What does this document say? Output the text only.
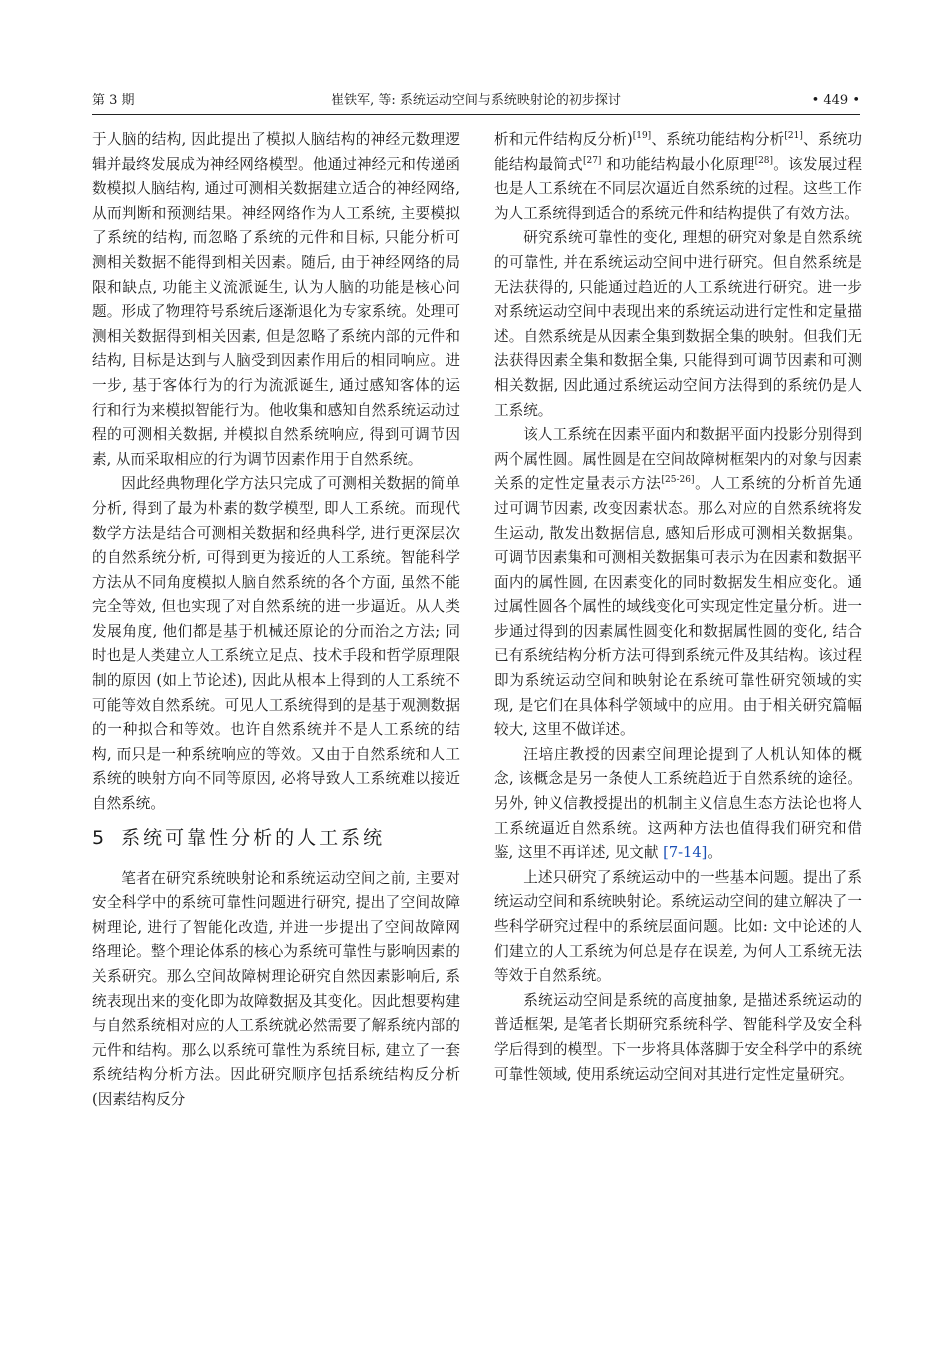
第 3 期	崔铁军, 等: 系统运动空间与系统映射论的初步探讨	• 449 •

于人脑的结构, 因此提出了模拟人脑结构的神经元数理逻辑并最终发展成为神经网络模型。他通过神经元和传递函数模拟人脑结构, 通过可测相关数据建立适合的神经网络, 从而判断和预测结果。神经网络作为人工系统, 主要模拟了系统的结构, 而忽略了系统的元件和目标, 只能分析可测相关数据不能得到相关因素。随后, 由于神经网络的局限和缺点, 功能主义流派诞生, 认为人脑的功能是核心问题。形成了物理符号系统后逐渐退化为专家系统。处理可测相关数据得到相关因素, 但是忽略了系统内部的元件和结构, 目标是达到与人脑受到因素作用后的相同响应。进一步, 基于客体行为的行为流派诞生, 通过感知客体的运行和行为来模拟智能行为。他收集和感知自然系统运动过程的可测相关数据, 并模拟自然系统响应, 得到可调节因素, 从而采取相应的行为调节因素作用于自然系统。

因此经典物理化学方法只完成了可测相关数据的简单分析, 得到了最为朴素的数学模型, 即人工系统。而现代数学方法是结合可测相关数据和经典科学, 进行更深层次的自然系统分析, 可得到更为接近的人工系统。智能科学方法从不同角度模拟人脑自然系统的各个方面, 虽然不能完全等效, 但也实现了对自然系统的进一步逼近。从人类发展角度, 他们都是基于机械还原论的分而治之方法; 同时也是人类建立人工系统立足点、技术手段和哲学原理限制的原因 (如上节论述), 因此从根本上得到的人工系统不可能等效自然系统。可见人工系统得到的是基于观测数据的一种拟合和等效。也许自然系统并不是人工系统的结构, 而只是一种系统响应的等效。又由于自然系统和人工系统的映射方向不同等原因, 必将导致人工系统难以接近自然系统。

5 系统可靠性分析的人工系统

笔者在研究系统映射论和系统运动空间之前, 主要对安全科学中的系统可靠性问题进行研究, 提出了空间故障树理论, 进行了智能化改造, 并进一步提出了空间故障网络理论。整个理论体系的核心为系统可靠性与影响因素的关系研究。那么空间故障树理论研究自然因素影响后, 系统表现出来的变化即为故障数据及其变化。因此想要构建与自然系统相对应的人工系统就必然需要了解系统内部的元件和结构。那么以系统可靠性为系统目标, 建立了一套系统结构分析方法。因此研究顺序包括系统结构反分析 (因素结构反分

析和元件结构反分析)[19]、系统功能结构分析[21]、系统功能结构最简式[27] 和功能结构最小化原理[28]。该发展过程也是人工系统在不同层次逼近自然系统的过程。这些工作为人工系统得到适合的系统元件和结构提供了有效方法。

研究系统可靠性的变化, 理想的研究对象是自然系统的可靠性, 并在系统运动空间中进行研究。但自然系统是无法获得的, 只能通过趋近的人工系统进行研究。进一步对系统运动空间中表现出来的系统运动进行定性和定量描述。自然系统是从因素全集到数据全集的映射。但我们无法获得因素全集和数据全集, 只能得到可调节因素和可测相关数据, 因此通过系统运动空间方法得到的系统仍是人工系统。

该人工系统在因素平面内和数据平面内投影分别得到两个属性圆。属性圆是在空间故障树框架内的对象与因素关系的定性定量表示方法[25-26]。人工系统的分析首先通过可调节因素, 改变因素状态。那么对应的自然系统将发生运动, 散发出数据信息, 感知后形成可测相关数据集。可调节因素集和可测相关数据集可表示为在因素和数据平面内的属性圆, 在因素变化的同时数据发生相应变化。通过属性圆各个属性的域线变化可实现定性定量分析。进一步通过得到的因素属性圆变化和数据属性圆的变化, 结合已有系统结构分析方法可得到系统元件及其结构。该过程即为系统运动空间和映射论在系统可靠性研究领域的实现, 是它们在具体科学领域中的应用。由于相关研究篇幅较大, 这里不做详述。

汪培庄教授的因素空间理论提到了人机认知体的概念, 该概念是另一条使人工系统趋近于自然系统的途径。另外, 钟义信教授提出的机制主义信息生态方法论也将人工系统逼近自然系统。这两种方法也值得我们研究和借鉴, 这里不再详述, 见文献 [7-14]。

上述只研究了系统运动中的一些基本问题。提出了系统运动空间和系统映射论。系统运动空间的建立解决了一些科学研究过程中的系统层面问题。比如: 文中论述的人们建立的人工系统为何总是存在误差, 为何人工系统无法等效于自然系统。

系统运动空间是系统的高度抽象, 是描述系统运动的普适框架, 是笔者长期研究系统科学、智能科学及安全科学后得到的模型。下一步将具体落脚于安全科学中的系统可靠性领域, 使用系统运动空间对其进行定性定量研究。
